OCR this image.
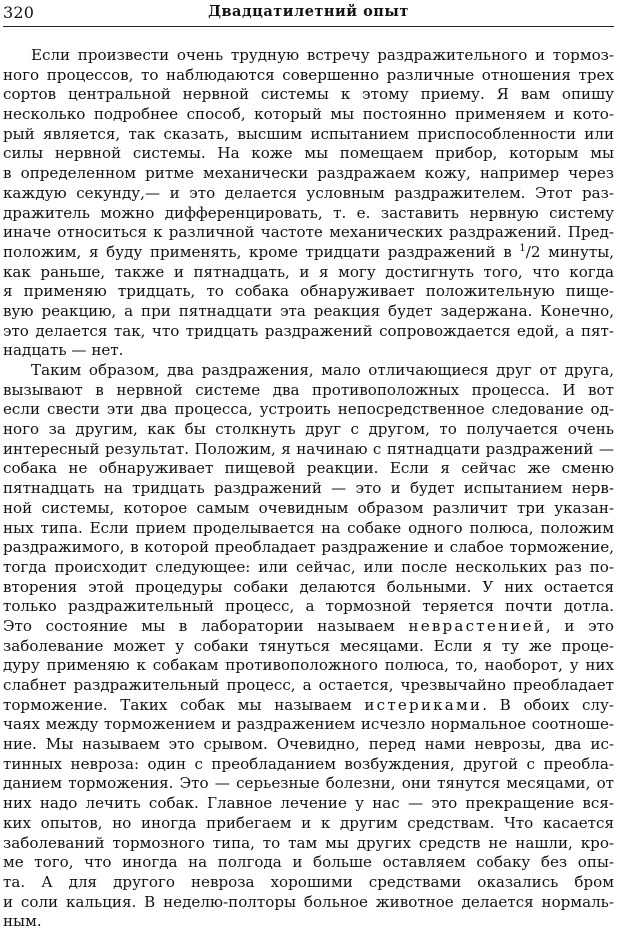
320	Двадцатилетний опыт
Если произвести очень трудную встречу раздражительного и тормоз-
ного процессов, то наблюдаются совершенно различные отношения трех
сортов центральной нервной системы к этому приему. Я вам опишу
несколько подробнее способ, который мы постоянно применяем и кото-
рый является, так сказать, высшим испытанием приспособленности или
силы нервной системы. На коже мы помещаем прибор, которым мы
в определенном ритме механически раздражаем кожу, например через
каждую секунду,— и это делается условным раздражителем. Этот раз-
дражитель можно дифференцировать, т. е. заставить нервную систему
иначе относиться к различной частоте механических раздражений. Пред-
положим, я буду применять, кроме тридцати раздражений в $^1$/2 минуты,
как раньше, также и пятнадцать, и я могу достигнуть того, что когда
я применяю тридцать, то собака обнаруживает положительную пище-
вую реакцию, а при пятнадцати эта реакция будет задержана. Конечно,
это делается так, что тридцать раздражений сопровождается едой, а пят-
надцать — нет.
Таким образом, два раздражения, мало отличающиеся друг от друга,
вызывают в нервной системе два противоположных процесса. И вот
если свести эти два процесса, устроить непосредственное следование од-
ного за другим, как бы столкнуть друг с другом, то получается очень
интересный результат. Положим, я начинаю с пятнадцати раздражений —
собака не обнаруживает пищевой реакции. Если я сейчас же сменю
пятнадцать на тридцать раздражений — это и будет испытанием нерв-
ной системы, которое самым очевидным образом различит три указан-
ных типа. Если прием проделывается на собаке одного полюса, положим
раздражимого, в которой преобладает раздражение и слабое торможение,
тогда происходит следующее: или сейчас, или после нескольких раз по-
вторения этой процедуры собаки делаются больными. У них остается
только раздражительный процесс, а тормозной теряется почти дотла.
Это состояние мы в лаборатории называем неврастенией, и это
заболевание может у собаки тянуться месяцами. Если я ту же проце-
дуру применяю к собакам противоположного полюса, то, наоборот, у них
слабнет раздражительный процесс, а остается, чрезвычайно преобладает
торможение. Таких собак мы называем истериками. В обоих слу-
чаях между торможением и раздражением исчезло нормальное соотноше-
ние. Мы называем это срывом. Очевидно, перед нами неврозы, два ис-
тинных невроза: один с преобладанием возбуждения, другой с преобла-
данием торможения. Это — серьезные болезни, они тянутся месяцами, от
них надо лечить собак. Главное лечение у нас — это прекращение вся-
ких опытов, но иногда прибегаем и к другим средствам. Что касается
заболеваний тормозного типа, то там мы других средств не нашли, кро-
ме того, что иногда на полгода и больше оставляем собаку без опы-
та. А для другого невроза хорошими средствами оказались бром
и соли кальция. В неделю-полторы больное животное делается нормаль-
ным.
